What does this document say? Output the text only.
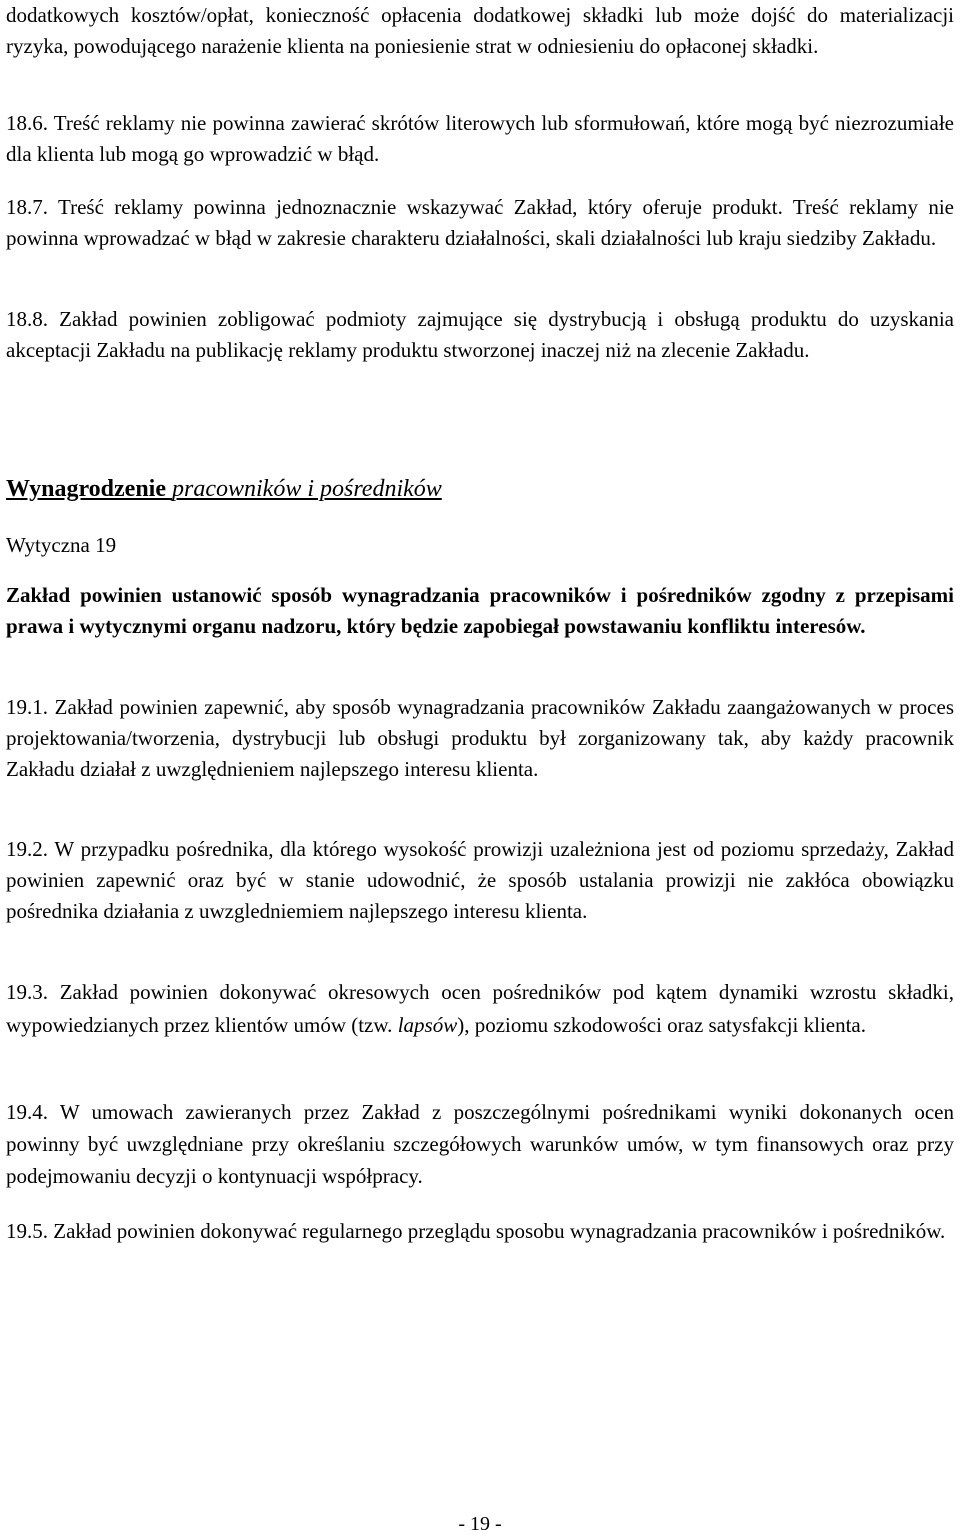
dodatkowych kosztów/opłat, konieczność opłacenia dodatkowej składki lub może dojść do materializacji ryzyka, powodującego narażenie klienta na poniesienie strat w odniesieniu do opłaconej składki.

18.6. Treść reklamy nie powinna zawierać skrótów literowych lub sformułowań, które mogą być niezrozumiałe dla klienta lub mogą go wprowadzić w błąd.

18.7. Treść reklamy powinna jednoznacznie wskazywać Zakład, który oferuje produkt. Treść reklamy nie powinna wprowadzać w błąd w zakresie charakteru działalności, skali działalności lub kraju siedziby Zakładu.

18.8. Zakład powinien zobligować podmioty zajmujące się dystrybucją i obsługą produktu do uzyskania akceptacji Zakładu na publikację reklamy produktu stworzonej inaczej niż na zlecenie Zakładu.

Wynagrodzenie pracowników i pośredników

Wytyczna 19

Zakład powinien ustanowić sposób wynagradzania pracowników i pośredników zgodny z przepisami prawa i wytycznymi organu nadzoru, który będzie zapobiegał powstawaniu konfliktu interesów.

19.1. Zakład powinien zapewnić, aby sposób wynagradzania pracowników Zakładu zaangażowanych w proces projektowania/tworzenia, dystrybucji lub obsługi produktu był zorganizowany tak, aby każdy pracownik Zakładu działał z uwzględnieniem najlepszego interesu klienta.

19.2. W przypadku pośrednika, dla którego wysokość prowizji uzależniona jest od poziomu sprzedaży, Zakład powinien zapewnić oraz być w stanie udowodnić, że sposób ustalania prowizji nie zakłóca obowiązku pośrednika działania z uwzgledniemiem najlepszego interesu klienta.

19.3. Zakład powinien dokonywać okresowych ocen pośredników pod kątem dynamiki wzrostu składki, wypowiedzianych przez klientów umów (tzw. lapsów), poziomu szkodowości oraz satysfakcji klienta.

19.4. W umowach zawieranych przez Zakład z poszczególnymi pośrednikami wyniki dokonanych ocen powinny być uwzględniane przy określaniu szczegółowych warunków umów, w tym finansowych oraz przy podejmowaniu decyzji o kontynuacji współpracy.

19.5. Zakład powinien dokonywać regularnego przeglądu sposobu wynagradzania pracowników i pośredników.

- 19 -
